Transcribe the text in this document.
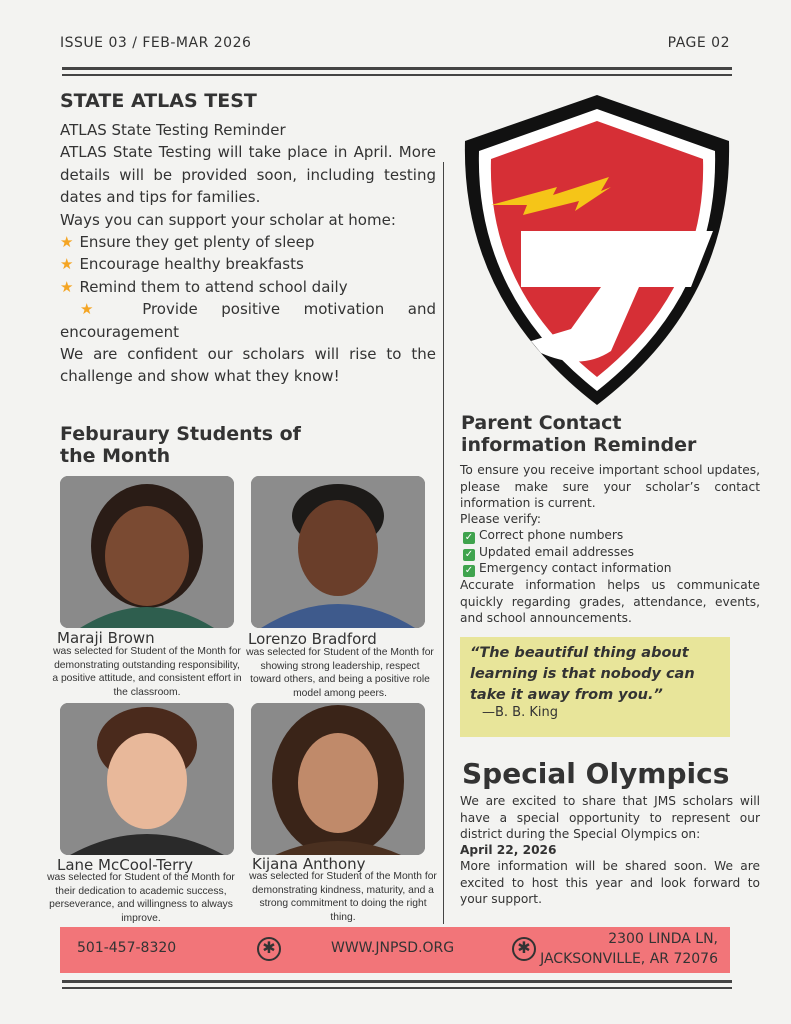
ISSUE 03 / FEB-MAR 2026	PAGE 02
STATE ATLAS TEST
ATLAS State Testing Reminder
ATLAS State Testing will take place in April. More details will be provided soon, including testing dates and tips for families.
Ways you can support your scholar at home:
★ Ensure they get plenty of sleep
★ Encourage healthy breakfasts
★ Remind them to attend school daily
★ Provide positive motivation and encouragement
We are confident our scholars will rise to the challenge and show what they know!
Feburaury Students of the Month
Maraji Brown
was selected for Student of the Month for demonstrating outstanding responsibility, a positive attitude, and consistent effort in the classroom.
Lorenzo Bradford
was selected for Student of the Month for showing strong leadership, respect toward others, and being a positive role model among peers.
Lane McCool-Terry
was selected for Student of the Month for their dedication to academic success, perseverance, and willingness to always improve.
Kijana Anthony
was selected for Student of the Month for demonstrating kindness, maturity, and a strong commitment to doing the right thing.
Parent Contact information Reminder
To ensure you receive important school updates, please make sure your scholar’s contact information is current.
Please verify:
✓ Correct phone numbers
✓ Updated email addresses
✓ Emergency contact information
Accurate information helps us communicate quickly regarding grades, attendance, events, and school announcements.
“The beautiful thing about learning is that nobody can take it away from you.”
—B. B. King
Special Olympics
We are excited to share that JMS scholars will have a special opportunity to represent our district during the Special Olympics on:
April 22, 2026
More information will be shared soon. We are excited to host this year and look forward to your support.
501-457-8320	✱	WWW.JNPSD.ORG	✱
2300 LINDA LN,
JACKSONVILLE, AR 72076
